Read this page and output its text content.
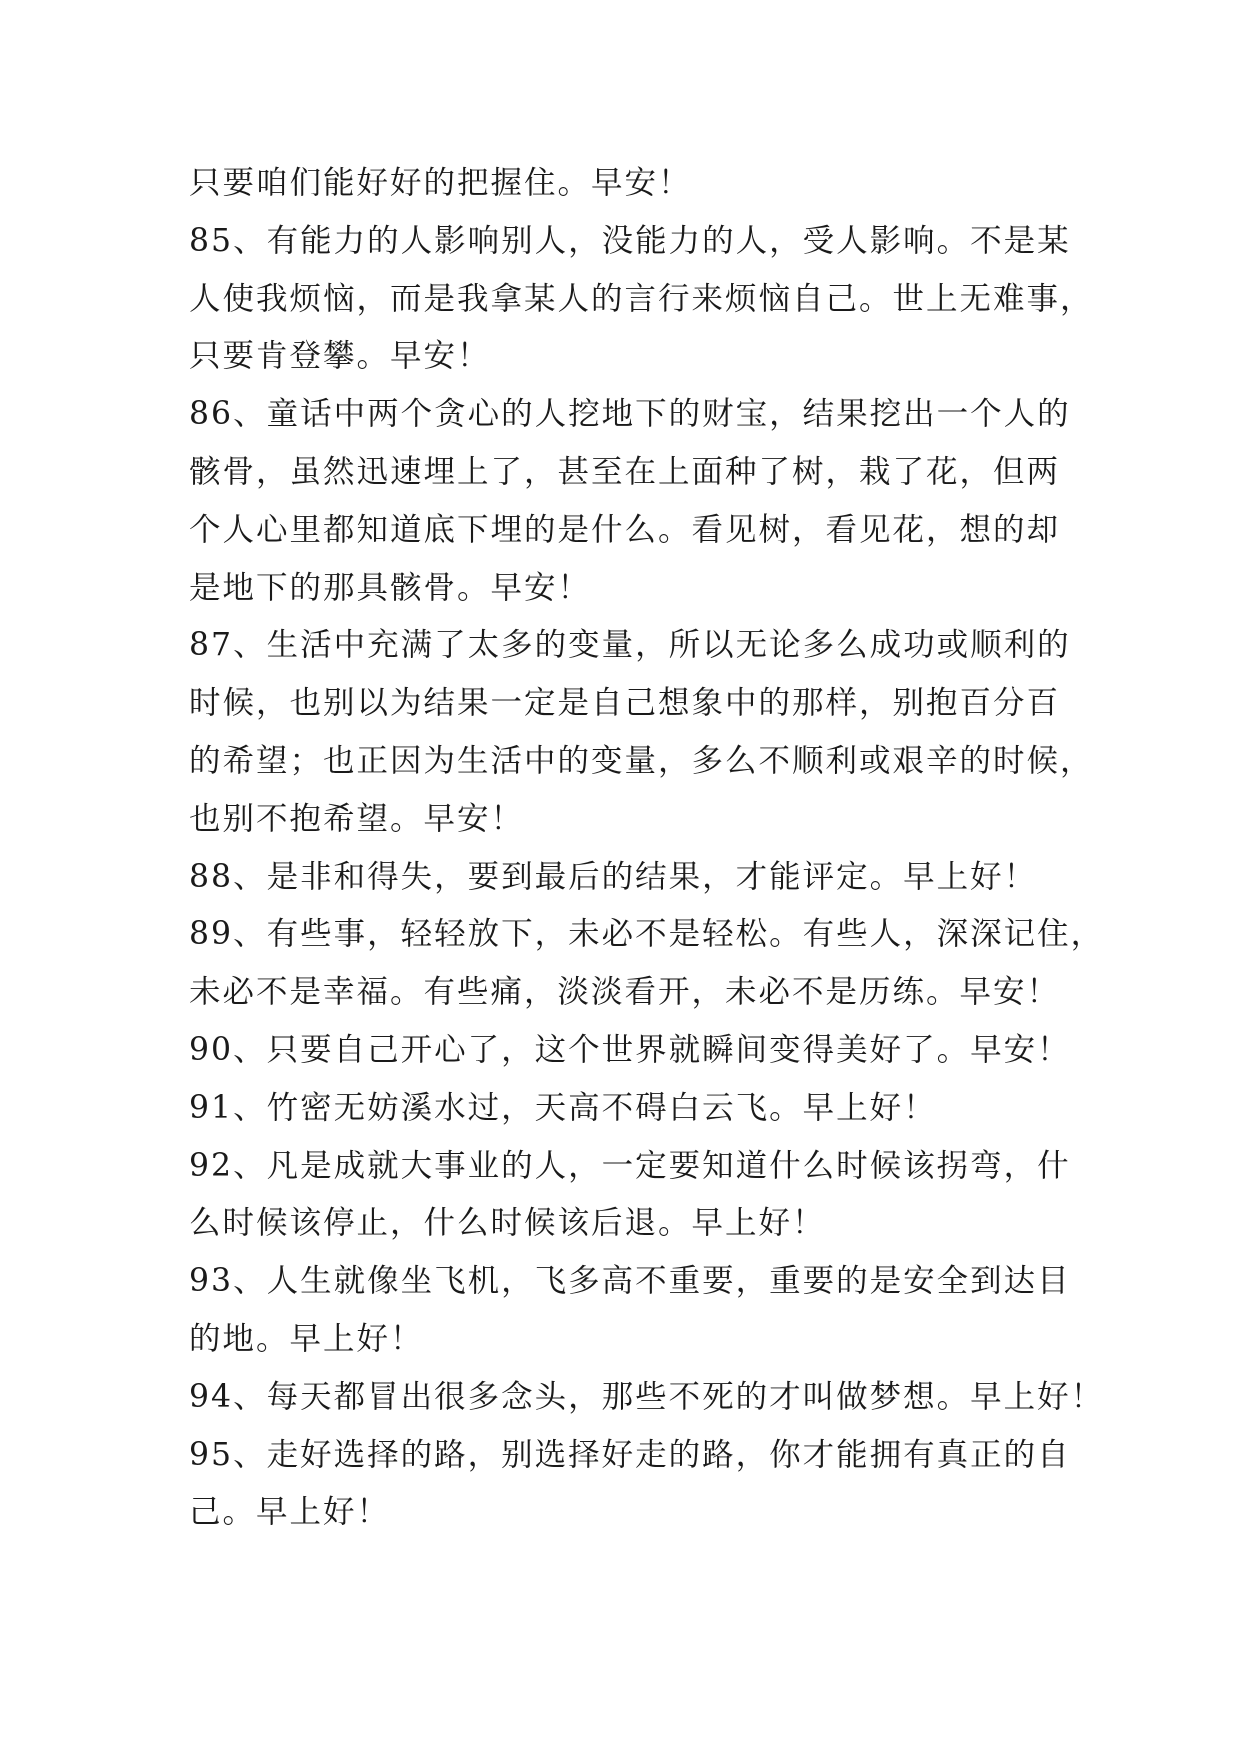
只要咱们能好好的把握住。早安！
85、有能力的人影响别人，没能力的人，受人影响。不是某
人使我烦恼，而是我拿某人的言行来烦恼自己。世上无难事，
只要肯登攀。早安！
86、童话中两个贪心的人挖地下的财宝，结果挖出一个人的
骸骨，虽然迅速埋上了，甚至在上面种了树，栽了花，但两
个人心里都知道底下埋的是什么。看见树，看见花，想的却
是地下的那具骸骨。早安！
87、生活中充满了太多的变量，所以无论多么成功或顺利的
时候，也别以为结果一定是自己想象中的那样，别抱百分百
的希望；也正因为生活中的变量，多么不顺利或艰辛的时候，
也别不抱希望。早安！
88、是非和得失，要到最后的结果，才能评定。早上好！
89、有些事，轻轻放下，未必不是轻松。有些人，深深记住，
未必不是幸福。有些痛，淡淡看开，未必不是历练。早安！
90、只要自己开心了，这个世界就瞬间变得美好了。早安！
91、竹密无妨溪水过，天高不碍白云飞。早上好！
92、凡是成就大事业的人，一定要知道什么时候该拐弯，什
么时候该停止，什么时候该后退。早上好！
93、人生就像坐飞机，飞多高不重要，重要的是安全到达目
的地。早上好！
94、每天都冒出很多念头，那些不死的才叫做梦想。早上好！
95、走好选择的路，别选择好走的路，你才能拥有真正的自
己。早上好！
